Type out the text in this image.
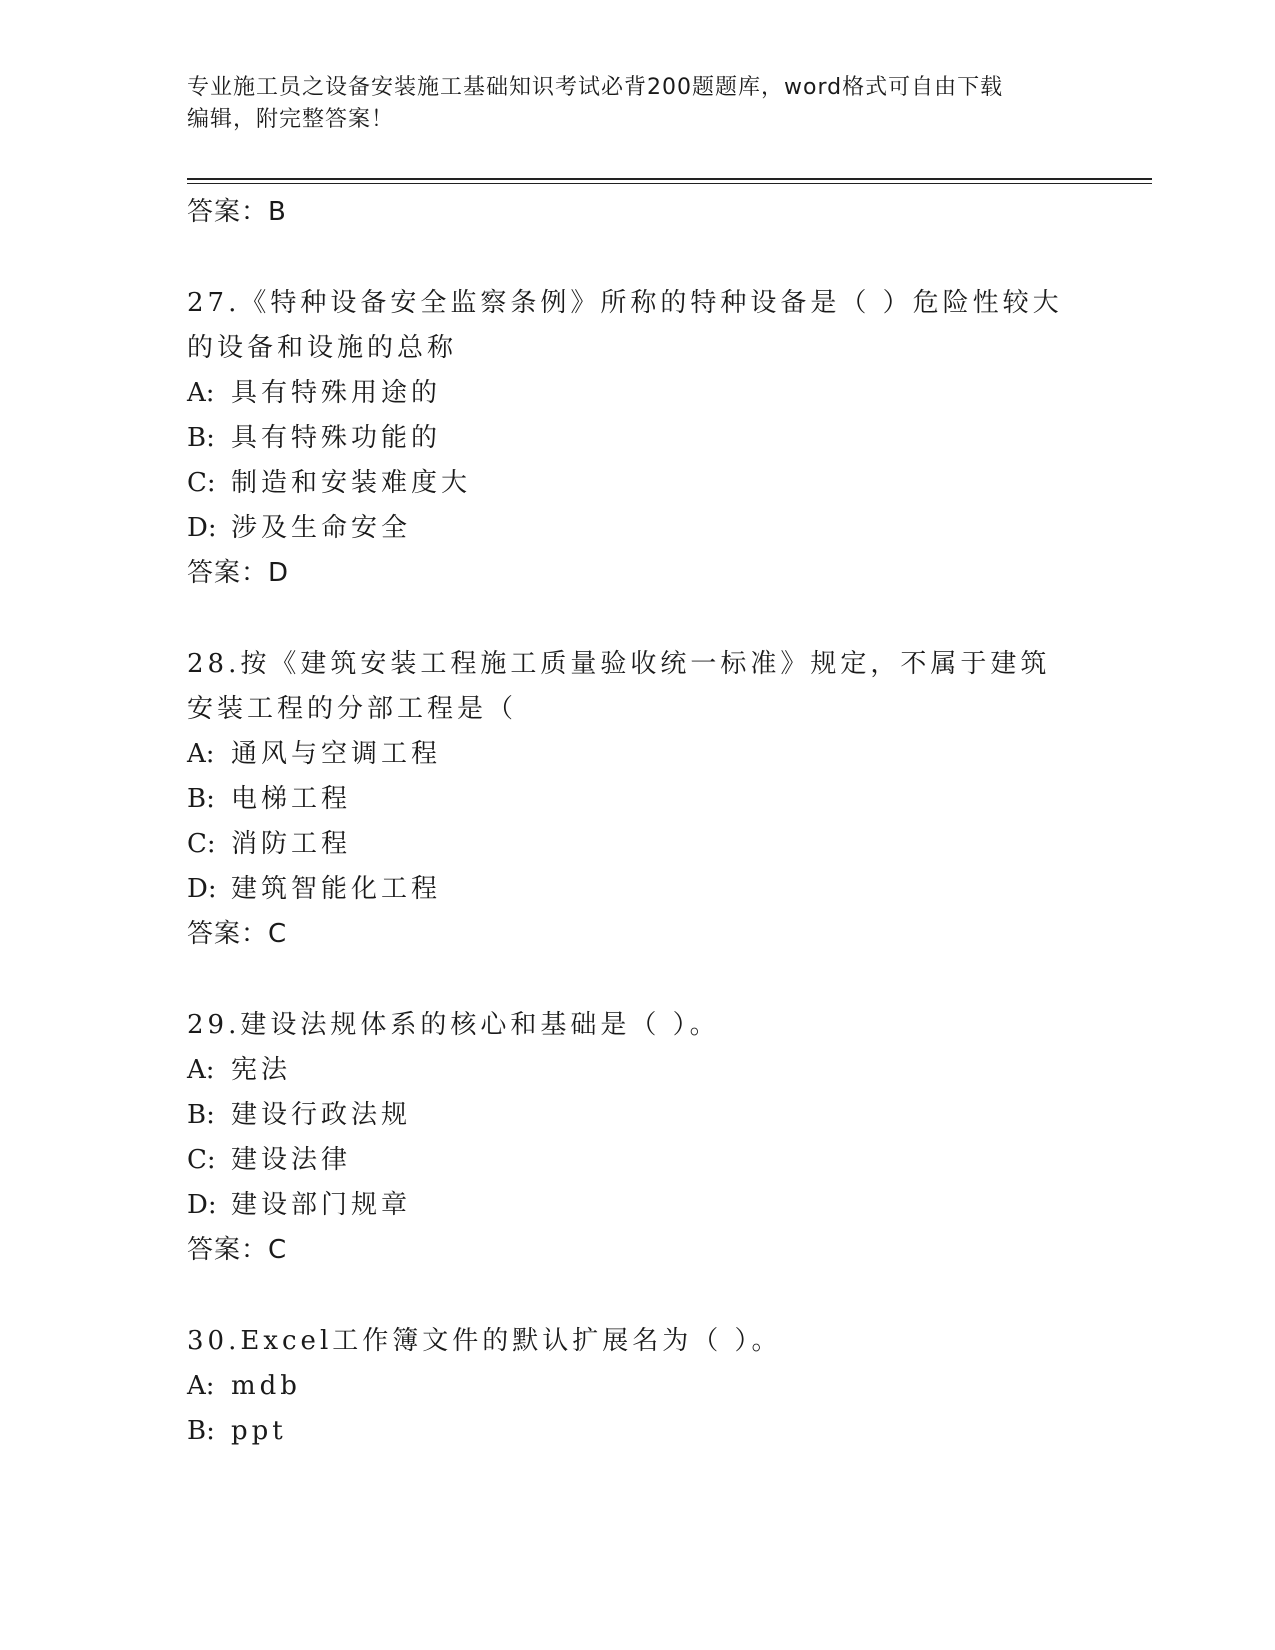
专业施工员之设备安装施工基础知识考试必背200题题库，word格式可自由下载
编辑，附完整答案！
答案：B
27.《特种设备安全监察条例》所称的特种设备是（ ）危险性较大的设备和设施的总称
A: 具有特殊用途的
B: 具有特殊功能的
C: 制造和安装难度大
D: 涉及生命安全
答案：D
28.按《建筑安装工程施工质量验收统一标准》规定，不属于建筑安装工程的分部工程是（
A: 通风与空调工程
B: 电梯工程
C: 消防工程
D: 建筑智能化工程
答案：C
29.建设法规体系的核心和基础是（ ）。
A: 宪法
B: 建设行政法规
C: 建设法律
D: 建设部门规章
答案：C
30.Excel工作簿文件的默认扩展名为（ ）。
A: mdb
B: ppt
